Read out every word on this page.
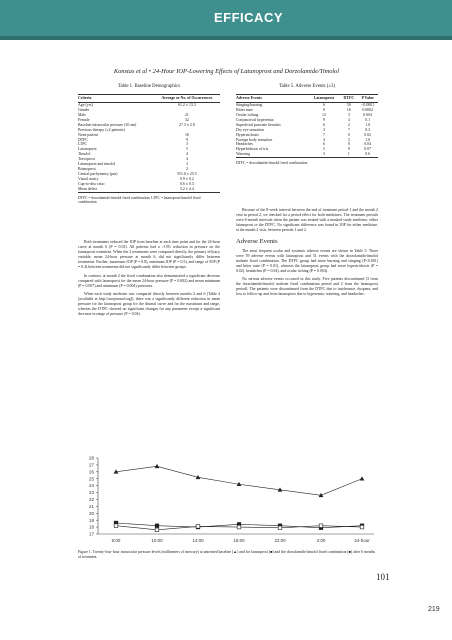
EFFICACY
Konstas et al • 24-Hour IOP-Lowering Effects of Latanoprost and Dorzolamide/Timolol
Table 1. Baseline Demographics
Criteria	Average or No. of Occurrences
Age (yrs)	61.2 ± 13.3
Gender	
Male	21
Female	32
Baseline intraocular pressure (10 am)	27.3 ± 2.8
Previous therapy (≥2 patients)	
None patient	16
DTFC	9
LTFC	3
Latanoprost	5
Timolol	4
Travoprost	4
Latanoprost and timolol	3
Brimoprost	2
Central pachymetry (μm)	551.0 ± 25.5
Visual acuity	0.9 ± 0.2
Cup-to-disc ratio	0.6 ± 0.3
Mean defect	5.2 ± 4.4
DTFC = dorzolamide/timolol fixed combination; LTFC = latanoprost/timolol fixed combination.
Table 5. Adverse Events (≥3)
Adverse Events	Latanoprost	DTFC	P Value
Stinging/burning	6	50	<0.0001
Bitter taste	0	16	0.0002
Ocular itching	12	3	0.004
Conjunctival hyperemia	9	4	0.1
Superficial punctate keratitis	6	2	1.0
Dry eye sensation	3	7	0.3
Hypertrichosis	7	0	0.02
Foreign body sensation	4	3	1.0
Headaches	6	0	0.04
Hyperhidrosis of iris	5	0	0.07
Watering	3	1	0.6
DTFC = dorzolamide/timolol fixed combination.

Both treatments reduced the IOP from baseline at each time point and for the 24-hour curve at month 6 (P = 0.03). All patients had a >15% reduction in pressure on the latanoprost treatment. When the 2 treatments were compared directly, the primary efficacy variable, mean 24-hour pressure at month 6, did not significantly differ between treatments. Further, maximum IOP (P = 0.8), minimum IOP (P = 0.5), and range of IOP (P = 0.4) between treatments did not significantly differ between groups.

In contrast, at month 2 the fixed combination also demonstrated a significant decrease compared with latanoprost for the mean 24-hour pressure (P = 0.002) and mean minimum (P = 0.007) and minimum (P = 0.004) pressures.

When each study medicine was compared directly between months 2 and 6 (Table 4 [available at http://aaojournal.org]), there was a significantly different reduction in mean pressure for the latanoprost group for the diurnal curve and for the maximum and range, whereas the DTFC showed no significant changes for any parameter except a significant decrease in range of pressure (P = 0.04).

Because of the 8-week interval between the end of treatment period 1 and the month 2 visit in period 2, we checked for a period effect for both medicines. The treatment periods were 6-month intervals when the patient was treated with a masked study medicine, either latanoprost or the DTFC. No significant difference was found in IOP for either medicine, at the month 2 visit, between periods 1 and 2.

Adverse Events

The most frequent ocular and systemic adverse events are shown in Table 5. There were 59 adverse events with latanoprost and 51 events with the dorzolamide/timolol maleate fixed combination. The DTFC group had more burning and stinging (P<0.001) and bitter taste (P = 0.01), whereas the latanoprost group had more hypertrichosis (P = 0.02), headaches (P = 0.04), and ocular itching (P = 0.004).

No serious adverse events occurred in this study. Five patients discontinued (3 from the dorzolamide/timolol maleate fixed combination period and 2 from the latanoprost period). The patients were discontinued from the DTFC due to intolerance, dyspnea, and loss to follow-up and from latanoprost due to hyperemia, watering, and headaches.

17
18
19
20
21
22
23
24
25
26
27
28
6:00	10:00	14:00	18:00	22:00	2:00	24-hour
Figure 1. Twenty-four-hour intraocular pressure levels (millimeters of mercury) at untreated baseline (▲) and for latanoprost (■) and the dorzolamide/timolol fixed combination (■) after 6 months of treatment.
101
219
